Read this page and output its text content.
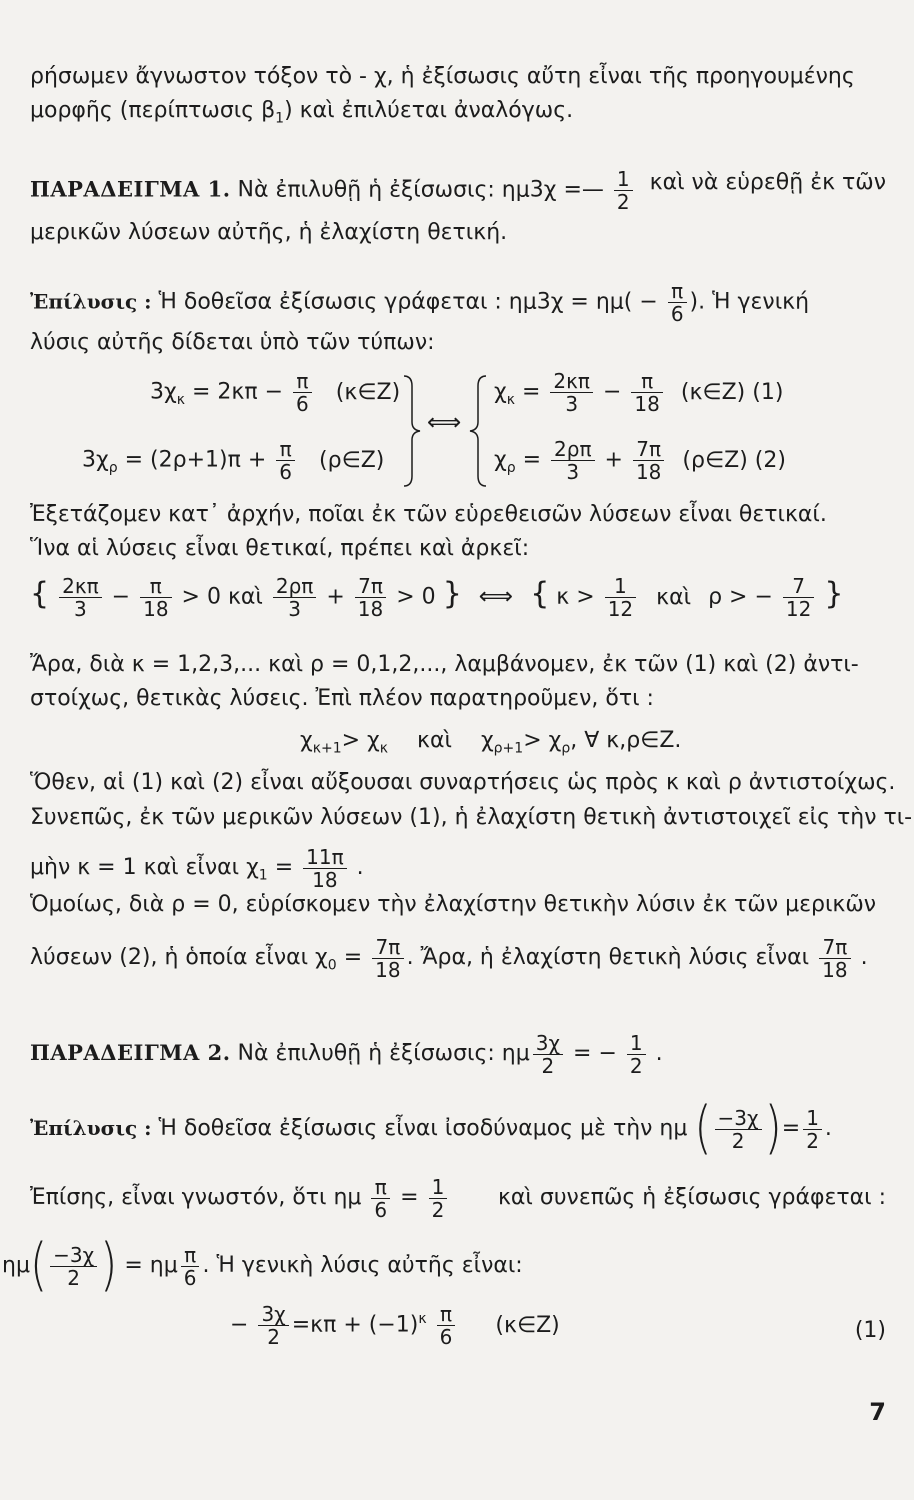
ρήσωμεν ἄγνωστον τόξον τὸ - χ, ἡ ἐξίσωσις αὔτη εἶναι τῆς προηγουμένης
μορφῆς (περίπτωσις $\beta_1$) καὶ ἐπιλύεται ἀναλόγως.
ΠΑΡΑΔΕΙΓΜΑ 1. Νὰ ἐπιλυθῇ ἡ ἐξίσωσις: ημ3χ =— $\frac{1}{2}$ καὶ νὰ εὑρεθῇ ἐκ τῶν
μερικῶν λύσεων αὐτῆς, ἡ ἐλαχίστη θετική.
Ἐπίλυσις : Ἡ δοθεῖσα ἐξίσωσις γράφεται : $\eta\mu 3\chi = \eta\mu( - \frac{\pi}{6}$ ). Ἡ γενική
λύσις αὐτῆς δίδεται ὑπὸ τῶν τύπων:
$3\chi_\kappa = 2\kappa\pi - \frac{\pi}{6}$ (κ∈Z)
$3\chi_\rho = (2\rho+1)\pi + \frac{\pi}{6}$ (ρ∈Z)
⟺
$\chi_\kappa = \frac{2\kappa\pi}{3} - \frac{\pi}{18}$ (κ∈Z) (1)
$\chi_\rho = \frac{2\rho\pi}{3} + \frac{7\pi}{18}$ (ρ∈Z) (2)
Ἐξετάζομεν κατ᾽ ἀρχήν, ποῖαι ἐκ τῶν εὑρεθεισῶν λύσεων εἶναι θετικαί.
Ἵνα αἱ λύσεις εἶναι θετικαί, πρέπει καὶ ἀρκεῖ:
{ $\frac{2\kappa\pi}{3} - \frac{\pi}{18} > 0$ καὶ $\frac{2\rho\pi}{3} + \frac{7\pi}{18} > 0$ } ⟺ { $\kappa > \frac{1}{12}$ καὶ ρ > − $\frac{7}{12}$ }
Ἄρα, διὰ κ = 1,2,3,... καὶ ρ = 0,1,2,..., λαμβάνομεν, ἐκ τῶν (1) καὶ (2) ἀντι-
στοίχως, θετικὰς λύσεις. Ἐπὶ πλέον παρατηροῦμεν, ὅτι :
$\chi_{\kappa+1}> \chi_\kappa$ καὶ $\chi_{\rho+1}> \chi_\rho$, ∀ κ,ρ∈Z.
Ὅθεν, αἱ (1) καὶ (2) εἶναι αὔξουσαι συναρτήσεις ὡς πρὸς κ καὶ ρ ἀντιστοίχως.
Συνεπῶς, ἐκ τῶν μερικῶν λύσεων (1), ἡ ἐλαχίστη θετικὴ ἀντιστοιχεῖ εἰς τὴν τι-
μὴν κ = 1 καὶ εἶναι $\chi_1 = \frac{11\pi}{18}$ .
Ὁμοίως, διὰ ρ = 0, εὑρίσκομεν τὴν ἐλαχίστην θετικὴν λύσιν ἐκ τῶν μερικῶν
λύσεων (2), ἡ ὁποία εἶναι $\chi_0 = \frac{7\pi}{18}$ . Ἄρα, ἡ ἐλαχίστη θετικὴ λύσις εἶναι $\frac{7\pi}{18}$ .
ΠΑΡΑΔΕΙΓΜΑ 2. Νὰ ἐπιλυθῇ ἡ ἐξίσωσις: ημ $\frac{3\chi}{2}$ = − $\frac{1}{2}$ .
Ἐπίλυσις : Ἡ δοθεῖσα ἐξίσωσις εἶναι ἰσοδύναμος μὲ τὴν ημ ( $\frac{-3\chi}{2}$ )= $\frac{1}{2}$ .
Ἐπίσης, εἶναι γνωστόν, ὅτι ημ $\frac{\pi}{6} = \frac{1}{2}$ καὶ συνεπῶς ἡ ἐξίσωσις γράφεται :
$\eta\mu( \frac{-3\chi}{2}$ ) = ημ $\frac{\pi}{6}$ . Ἡ γενικὴ λύσις αὐτῆς εἶναι:
− $\frac{3\chi}{2} =\kappa\pi + (-1)^\kappa \frac{\pi}{6}$ (κ∈Z)	(1)
7
